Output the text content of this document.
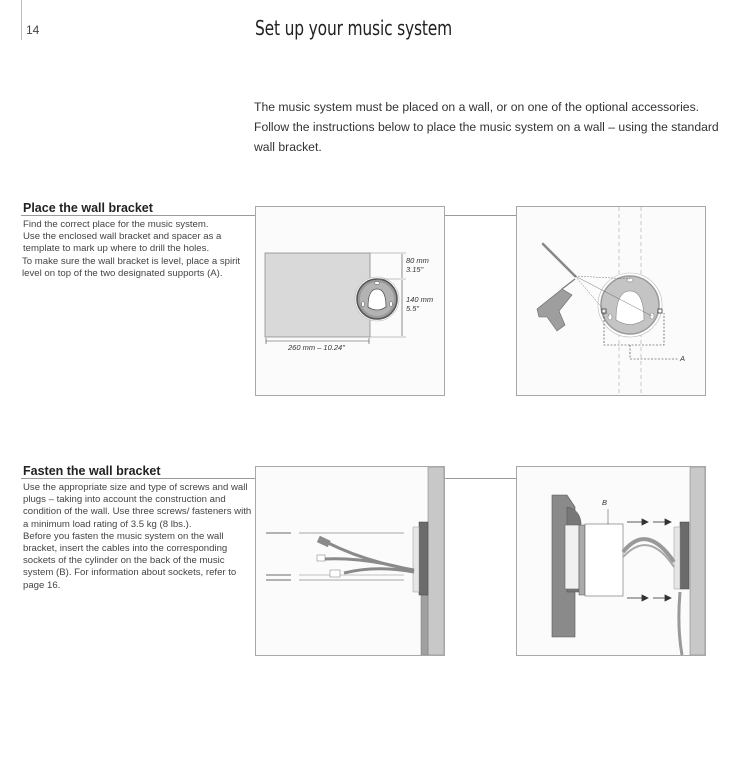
14	Set up your music system
The music system must be placed on a wall, or on one of the optional accessories. Follow the instructions below to place the music system on a wall – using the standard wall bracket.
Place the wall bracket
Find the correct place for the music system.
Use the enclosed wall bracket and spacer as a template to mark up where to drill the holes.
To make sure the wall bracket is level, place a spirit level on top of the two designated supports (A).
80 mm
3.15"
140 mm
5.5"
260 mm – 10.24"
A
Fasten the wall bracket
Use the appropriate size and type of screws and wall plugs – taking into account the construction and condition of the wall. Use three screws/ fasteners with a minimum load rating of 3.5 kg (8 lbs.).
Before you fasten the music system on the wall bracket, insert the cables into the corresponding sockets of the cylinder on the back of the music system (B). For information about sockets, refer to page 16.
B
